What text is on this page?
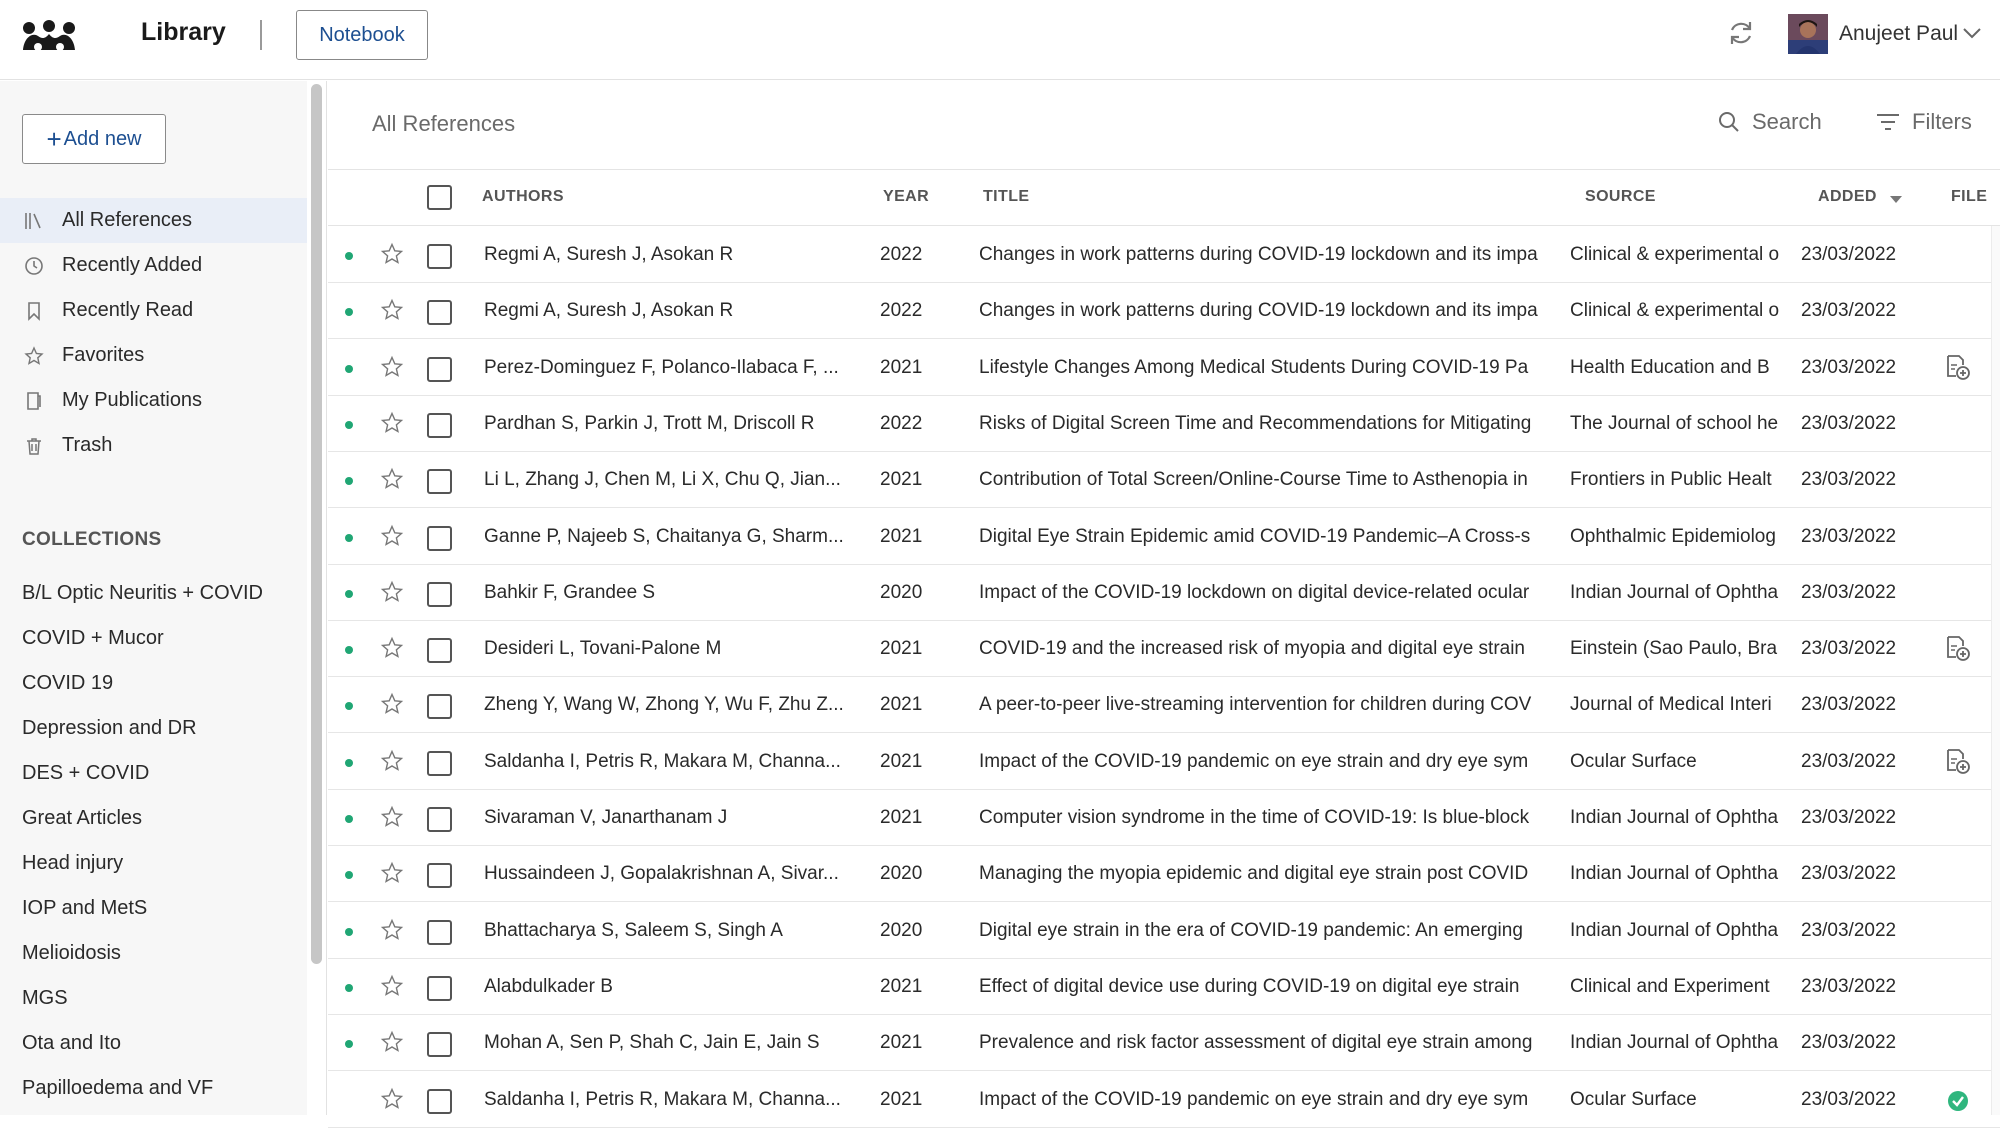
Library	Notebook	Anujeet Paul
+ Add new
All References
Recently Added
Recently Read
Favorites
My Publications
Trash
COLLECTIONS
B/L Optic Neuritis + COVID
COVID + Mucor
COVID 19
Depression and DR
DES + COVID
Great Articles
Head injury
IOP and MetS
Melioidosis
MGS
Ota and Ito
Papilloedema and VF
All References	Search	Filters
AUTHORS	YEAR	TITLE	SOURCE	ADDED	FILE
Regmi A, Suresh J, Asokan R	2022	Changes in work patterns during COVID-19 lockdown and its impa	Clinical & experimental o 23/03/2022
Regmi A, Suresh J, Asokan R	2022	Changes in work patterns during COVID-19 lockdown and its impa	Clinical & experimental o 23/03/2022
Perez-Dominguez F, Polanco-Ilabaca F, ... 2021	Lifestyle Changes Among Medical Students During COVID-19 Pa	Health Education and B	23/03/2022
Pardhan S, Parkin J, Trott M, Driscoll R	2022	Risks of Digital Screen Time and Recommendations for Mitigating	The Journal of school he 23/03/2022
Li L, Zhang J, Chen M, Li X, Chu Q, Jian... 2021	Contribution of Total Screen/Online-Course Time to Asthenopia in	Frontiers in Public Healt	23/03/2022
Ganne P, Najeeb S, Chaitanya G, Sharm... 2021	Digital Eye Strain Epidemic amid COVID-19 Pandemic–A Cross-s	Ophthalmic Epidemiolog 23/03/2022
Bahkir F, Grandee S	2020	Impact of the COVID-19 lockdown on digital device-related ocular	Indian Journal of Ophtha 23/03/2022
Desideri L, Tovani-Palone M	2021	COVID-19 and the increased risk of myopia and digital eye strain	Einstein (Sao Paulo, Bra 23/03/2022
Zheng Y, Wang W, Zhong Y, Wu F, Zhu Z... 2021	A peer-to-peer live-streaming intervention for children during COV	Journal of Medical Interi	23/03/2022
Saldanha I, Petris R, Makara M, Channa... 2021	Impact of the COVID-19 pandemic on eye strain and dry eye sym	Ocular Surface	23/03/2022
Sivaraman V, Janarthanam J	2021	Computer vision syndrome in the time of COVID-19: Is blue-block	Indian Journal of Ophtha 23/03/2022
Hussaindeen J, Gopalakrishnan A, Sivar... 2020	Managing the myopia epidemic and digital eye strain post COVID	Indian Journal of Ophtha 23/03/2022
Bhattacharya S, Saleem S, Singh A	2020	Digital eye strain in the era of COVID-19 pandemic: An emerging	Indian Journal of Ophtha 23/03/2022
Alabdulkader B	2021	Effect of digital device use during COVID-19 on digital eye strain	Clinical and Experiment	23/03/2022
Mohan A, Sen P, Shah C, Jain E, Jain S	2021	Prevalence and risk factor assessment of digital eye strain among	Indian Journal of Ophtha 23/03/2022
Saldanha I, Petris R, Makara M, Channa... 2021	Impact of the COVID-19 pandemic on eye strain and dry eye sym	Ocular Surface	23/03/2022
